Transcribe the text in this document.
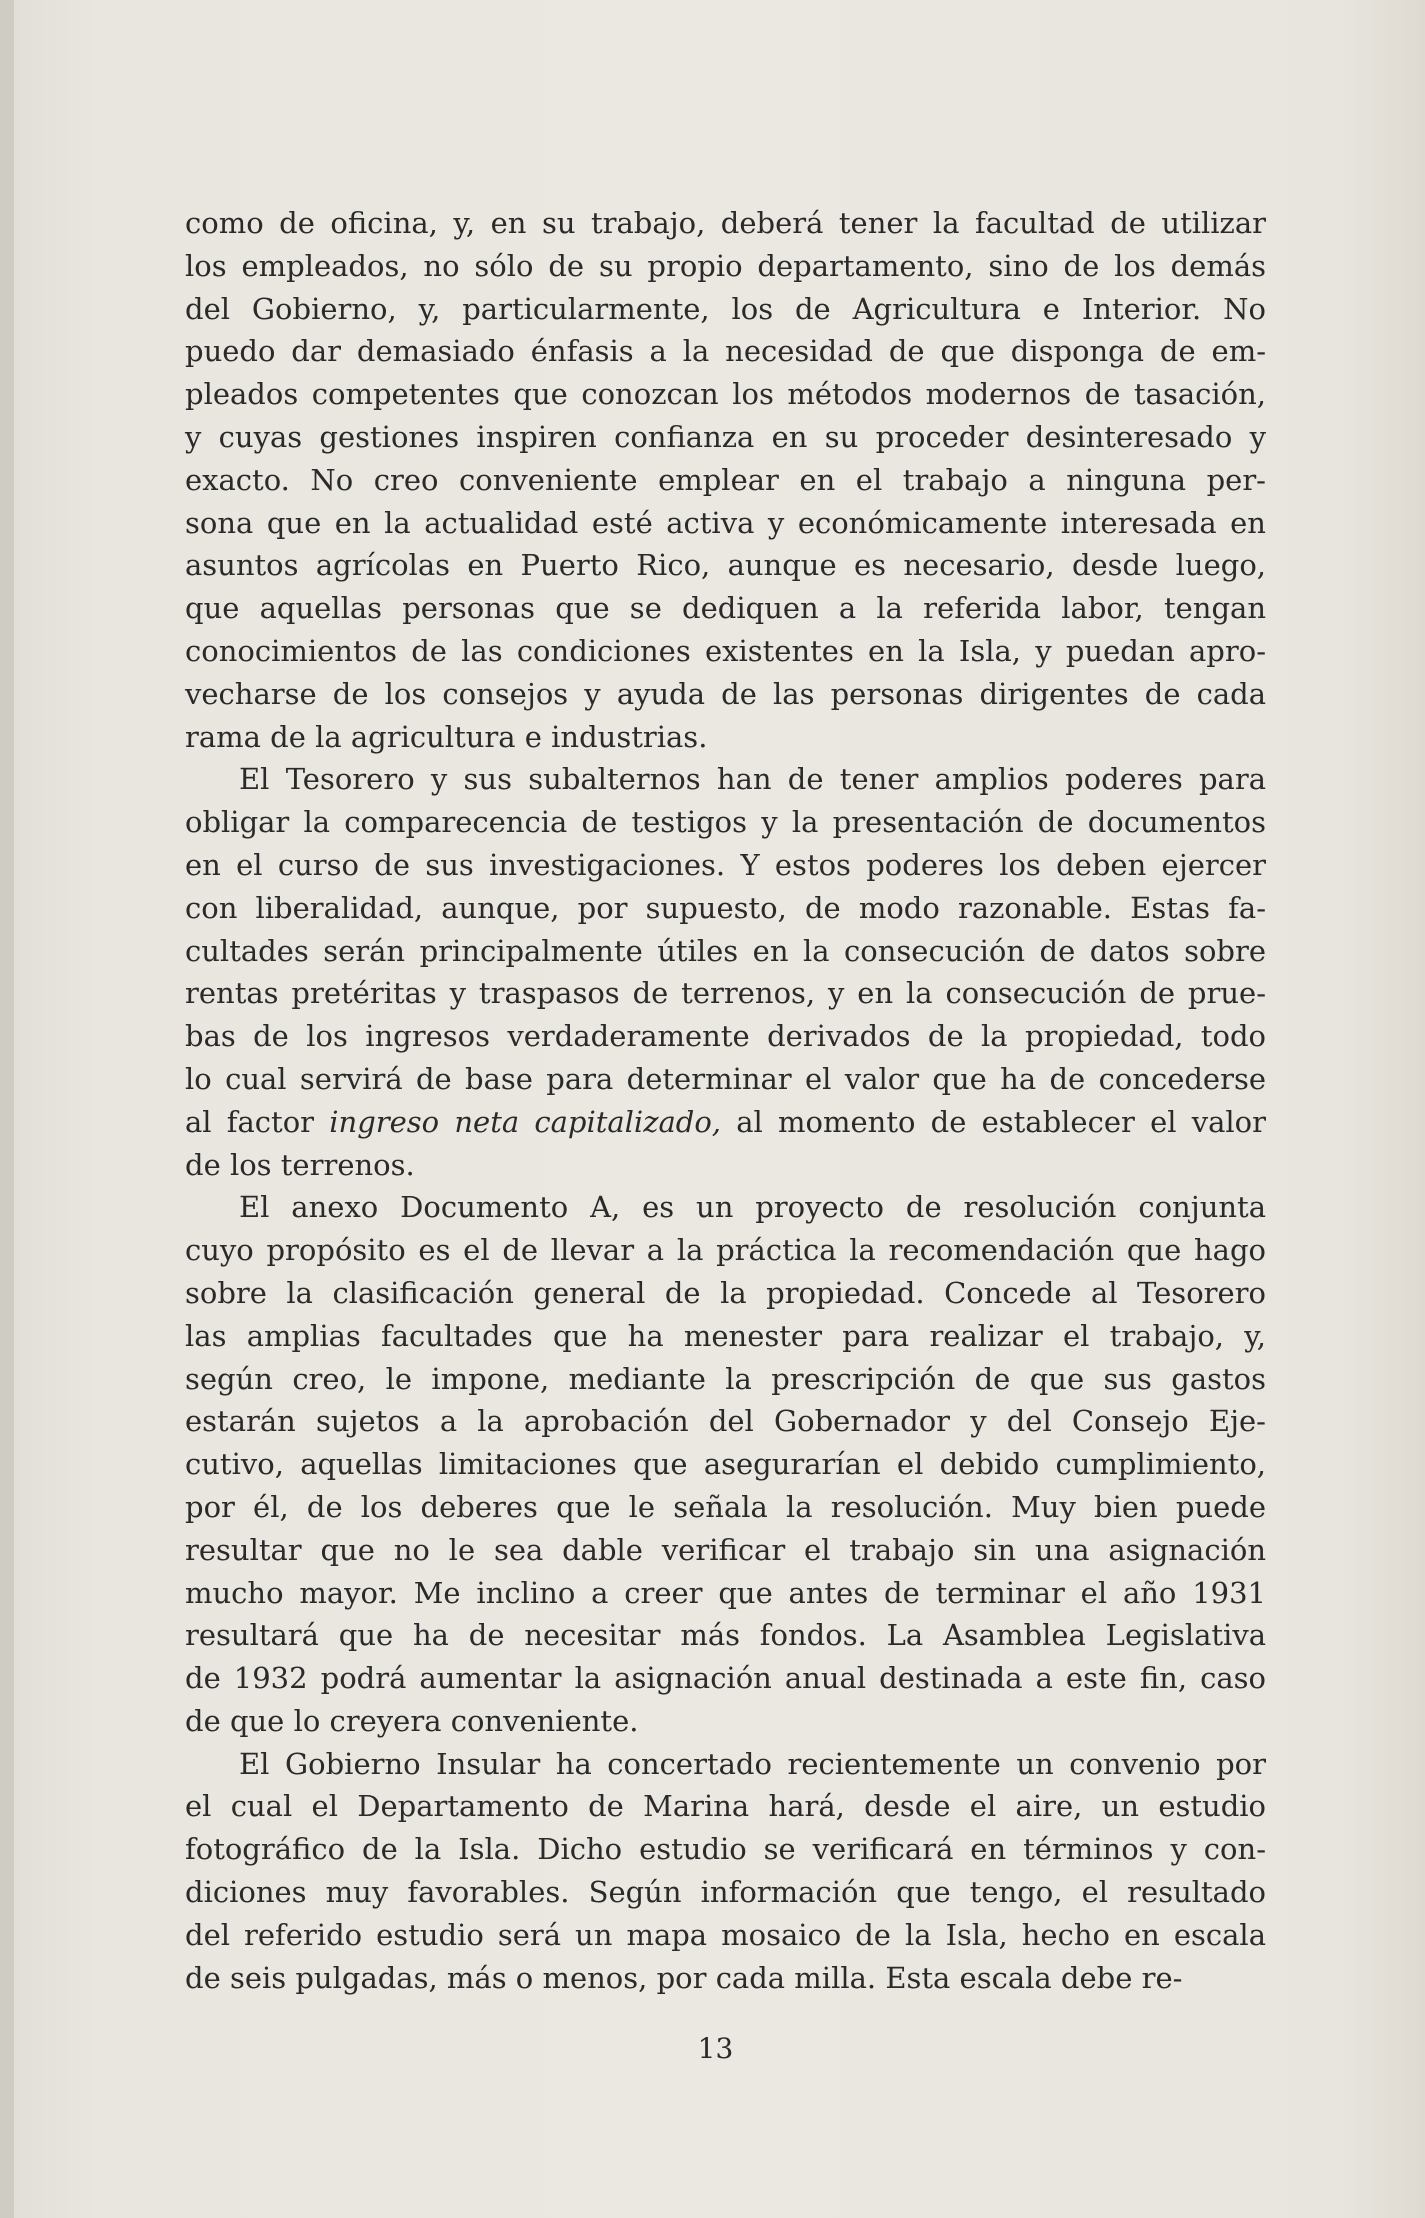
como de oficina, y, en su trabajo, deberá tener la facultad de utilizar
los empleados, no sólo de su propio departamento, sino de los demás
del Gobierno, y, particularmente, los de Agricultura e Interior. No
puedo dar demasiado énfasis a la necesidad de que disponga de em-
pleados competentes que conozcan los métodos modernos de tasación,
y cuyas gestiones inspiren confianza en su proceder desinteresado y
exacto. No creo conveniente emplear en el trabajo a ninguna per-
sona que en la actualidad esté activa y económicamente interesada en
asuntos agrícolas en Puerto Rico, aunque es necesario, desde luego,
que aquellas personas que se dediquen a la referida labor, tengan
conocimientos de las condiciones existentes en la Isla, y puedan apro-
vecharse de los consejos y ayuda de las personas dirigentes de cada
rama de la agricultura e industrias.

El Tesorero y sus subalternos han de tener amplios poderes para
obligar la comparecencia de testigos y la presentación de documentos
en el curso de sus investigaciones. Y estos poderes los deben ejercer
con liberalidad, aunque, por supuesto, de modo razonable. Estas fa-
cultades serán principalmente útiles en la consecución de datos sobre
rentas pretéritas y traspasos de terrenos, y en la consecución de prue-
bas de los ingresos verdaderamente derivados de la propiedad, todo
lo cual servirá de base para determinar el valor que ha de concederse
al factor ingreso neta capitalizado, al momento de establecer el valor
de los terrenos.

El anexo Documento A, es un proyecto de resolución conjunta
cuyo propósito es el de llevar a la práctica la recomendación que hago
sobre la clasificación general de la propiedad. Concede al Tesorero
las amplias facultades que ha menester para realizar el trabajo, y,
según creo, le impone, mediante la prescripción de que sus gastos
estarán sujetos a la aprobación del Gobernador y del Consejo Eje-
cutivo, aquellas limitaciones que asegurarían el debido cumplimiento,
por él, de los deberes que le señala la resolución. Muy bien puede
resultar que no le sea dable verificar el trabajo sin una asignación
mucho mayor. Me inclino a creer que antes de terminar el año 1931
resultará que ha de necesitar más fondos. La Asamblea Legislativa
de 1932 podrá aumentar la asignación anual destinada a este fin, caso
de que lo creyera conveniente.

El Gobierno Insular ha concertado recientemente un convenio por
el cual el Departamento de Marina hará, desde el aire, un estudio
fotográfico de la Isla. Dicho estudio se verificará en términos y con-
diciones muy favorables. Según información que tengo, el resultado
del referido estudio será un mapa mosaico de la Isla, hecho en escala
de seis pulgadas, más o menos, por cada milla. Esta escala debe re-

13
